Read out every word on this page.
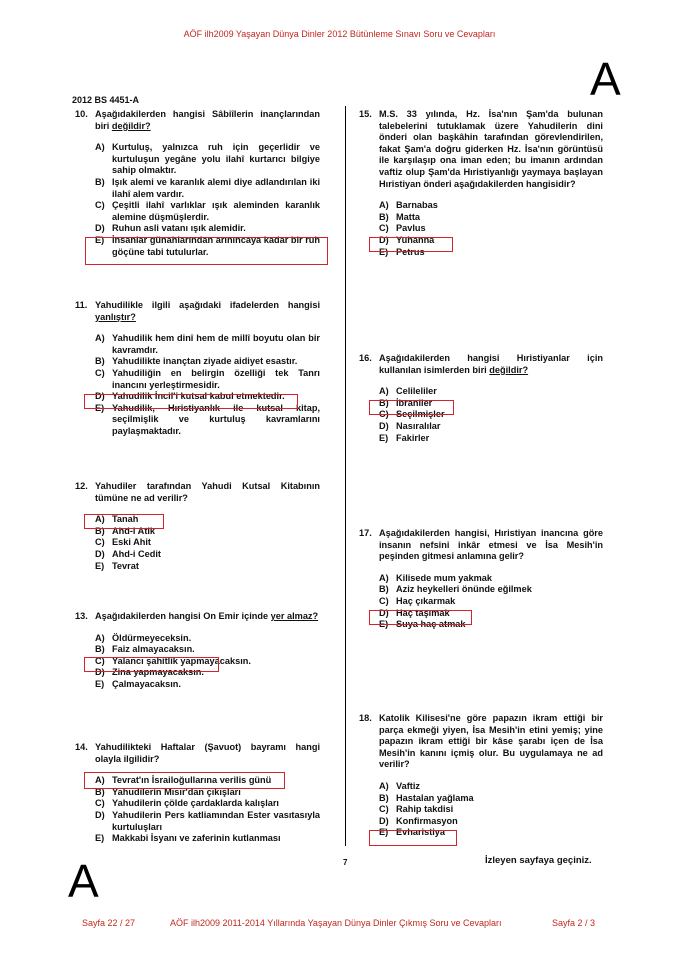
AÖF ilh2009 Yaşayan Dünya Dinler 2012 Bütünleme Sınavı Soru ve Cevapları
A
2012 BS 4451-A
10. Aşağıdakilerden hangisi Sâbiîlerin inançlarından biri değildir?
A) Kurtuluş, yalnızca ruh için geçerlidir ve kurtuluşun yegâne yolu ilahî kurtarıcı bilgiye sahip olmaktır.
B) Işık alemi ve karanlık alemi diye adlandırılan iki ilahî alem vardır.
C) Çeşitli ilahî varlıklar ışık aleminden karanlık alemine düşmüşlerdir.
D) Ruhun asli vatanı ışık alemidir.
E) İnsanlar günahlarından arınıncaya kadar bir ruh göçüne tabi tutulurlar.
11. Yahudilikle ilgili aşağıdaki ifadelerden hangisi yanlıştır?
A) Yahudilik hem dinî hem de millî boyutu olan bir kavramdır.
B) Yahudilikte inançtan ziyade aidiyet esastır.
C) Yahudiliğin en belirgin özelliği tek Tanrı inancını yerleştirmesidir.
D) Yahudilik İncil'i kutsal kabul etmektedir.
E) Yahudilik, Hıristiyanlık ile kutsal kitap, seçilmişlik ve kurtuluş kavramlarını paylaşmaktadır.
12. Yahudiler tarafından Yahudi Kutsal Kitabının tümüne ne ad verilir?
A) Tanah
B) Ahd-i Atik
C) Eski Ahit
D) Ahd-i Cedit
E) Tevrat
13. Aşağıdakilerden hangisi On Emir içinde yer almaz?
A) Öldürmeyeceksin.
B) Faiz almayacaksın.
C) Yalancı şahitlik yapmayacaksın.
D) Zina yapmayacaksın.
E) Çalmayacaksın.
14. Yahudilikteki Haftalar (Şavuot) bayramı hangi olayla ilgilidir?
A) Tevrat'ın İsrailoğullarına verilis günü
B) Yahudilerin Mısır'dan çıkışları
C) Yahudilerin çölde çardaklarda kalışları
D) Yahudilerin Pers katliamından Ester vasıtasıyla kurtuluşları
E) Makkabi İsyanı ve zaferinin kutlanması
15. M.S. 33 yılında, Hz. İsa'nın Şam'da bulunan talebelerini tutuklamak üzere Yahudilerin dini önderi olan başkâhin tarafından görevlendirilen, fakat Şam'a doğru giderken Hz. İsa'nın görüntüsü ile karşılaşıp ona iman eden; bu imanın ardından vaftiz olup Şam'da Hıristiyanlığı yaymaya başlayan Hıristiyan önderi aşağıdakilerden hangisidir?
A) Barnabas
B) Matta
C) Pavlus
D) Yuhanna
E) Petrus
16. Aşağıdakilerden hangisi Hıristiyanlar için kullanılan isimlerden biri değildir?
A) Celileliler
B) İbraniler
C) Seçilmişler
D) Nasıralılar
E) Fakirler
17. Aşağıdakilerden hangisi, Hıristiyan inancına göre insanın nefsini inkâr etmesi ve İsa Mesih'in peşinden gitmesi anlamına gelir?
A) Kilisede mum yakmak
B) Aziz heykelleri önünde eğilmek
C) Haç çıkarmak
D) Haç taşımak
E) Suya haç atmak
18. Katolik Kilisesi'ne göre papazın ikram ettiği bir parça ekmeği yiyen, İsa Mesih'in etini yemiş; yine papazın ikram ettiği bir kâse şarabı içen de İsa Mesih'in kanını içmiş olur. Bu uygulamaya ne ad verilir?
A) Vaftiz
B) Hastalan yağlama
C) Rahip takdisi
D) Konfirmasyon
E) Evharistiya
7	İzleyen sayfaya geçiniz.
A
Sayfa 22 / 27	AÖF ilh2009 2011-2014 Yıllarında Yaşayan Dünya Dinler Çıkmış Soru ve Cevapları	Sayfa 2 / 3
